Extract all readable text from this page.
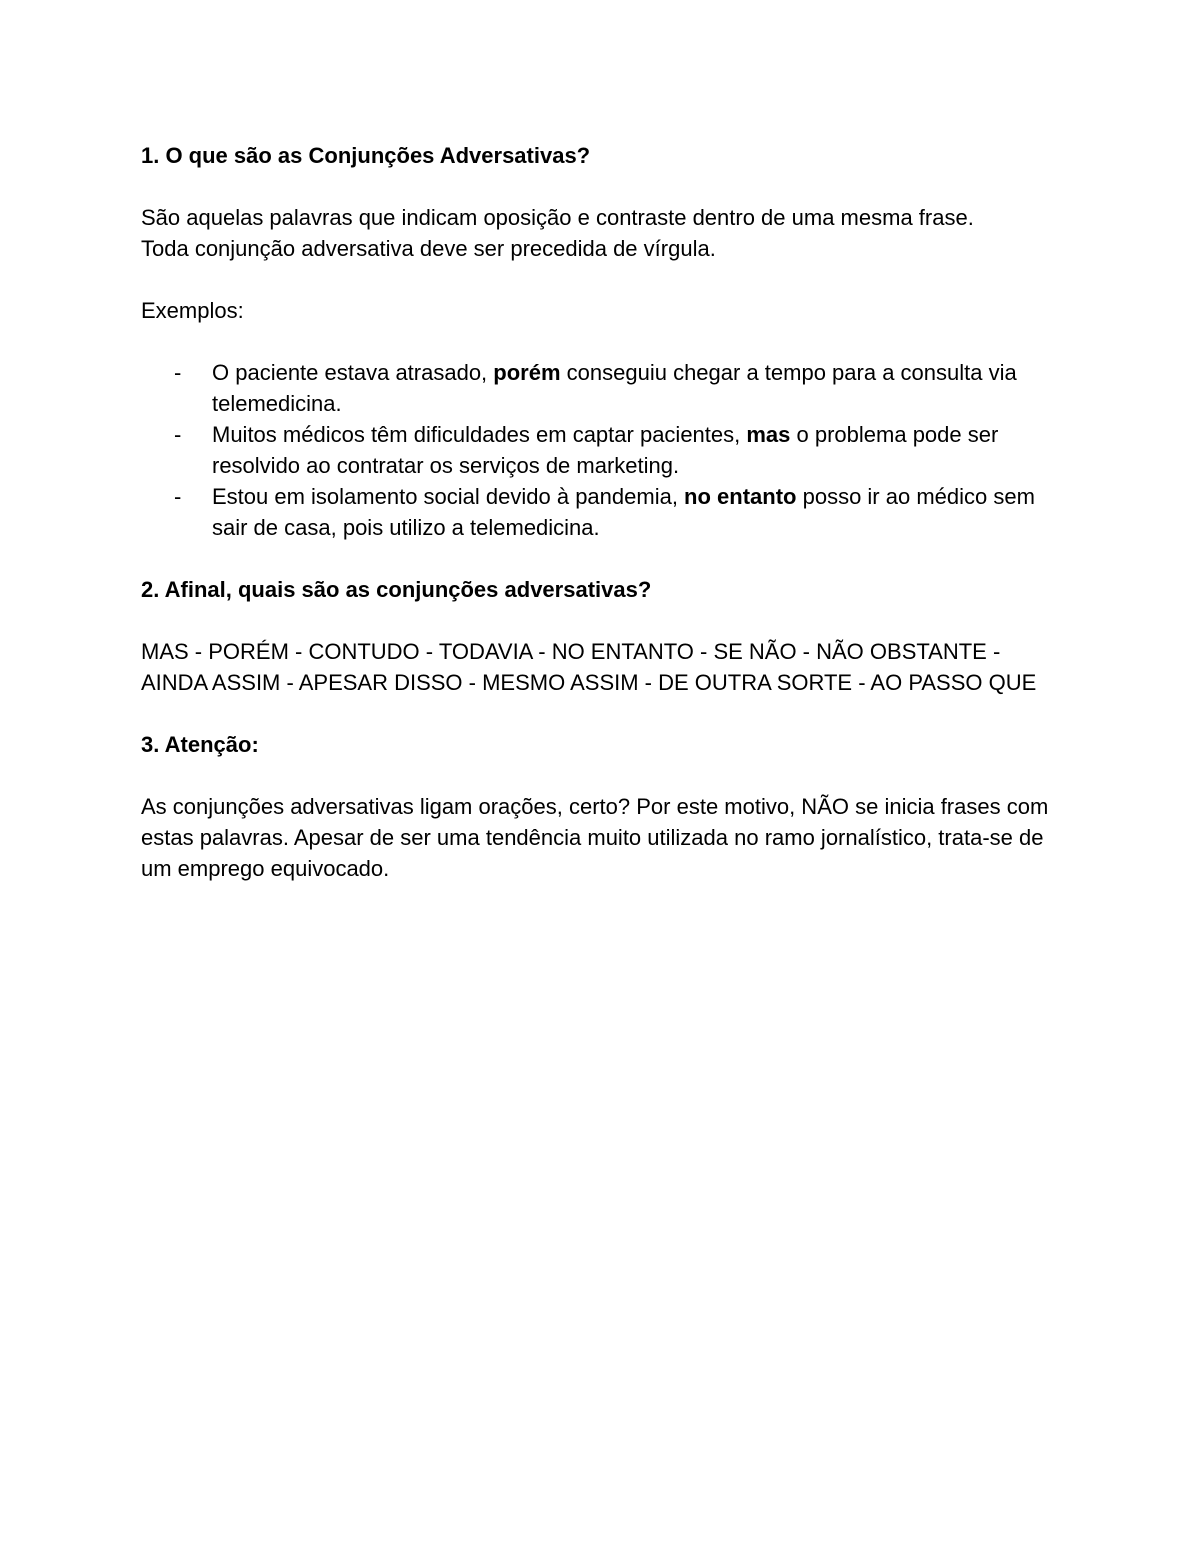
1. O que são as Conjunções Adversativas?

São aquelas palavras que indicam oposição e contraste dentro de uma mesma frase.

Toda conjunção adversativa deve ser precedida de vírgula.

Exemplos:

- O paciente estava atrasado, porém conseguiu chegar a tempo para a consulta via telemedicina.
- Muitos médicos têm dificuldades em captar pacientes, mas o problema pode ser resolvido ao contratar os serviços de marketing.
- Estou em isolamento social devido à pandemia, no entanto posso ir ao médico sem sair de casa, pois utilizo a telemedicina.
2. Afinal, quais são as conjunções adversativas?

MAS - PORÉM - CONTUDO - TODAVIA - NO ENTANTO - SE NÃO - NÃO OBSTANTE - AINDA ASSIM - APESAR DISSO - MESMO ASSIM - DE OUTRA SORTE - AO PASSO QUE

3. Atenção:

As conjunções adversativas ligam orações, certo? Por este motivo, NÃO se inicia frases com estas palavras. Apesar de ser uma tendência muito utilizada no ramo jornalístico, trata-se de um emprego equivocado.
